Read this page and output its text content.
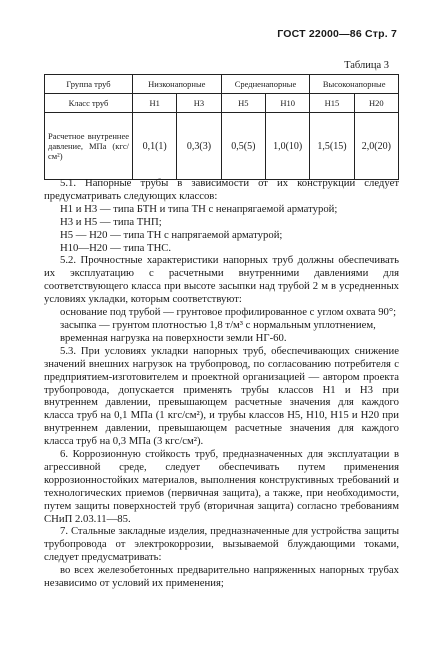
ГОСТ 22000—86 Стр. 7
Таблица 3
Группа труб	Низконапорные		Средненапорные		Высоконапорные	
Класс труб	Н1	Н3	Н5	Н10	Н15	Н20
Расчетное внутреннее давление, МПа (кгс/см²)	0,1(1)	0,3(3)	0,5(5)	1,0(10)	1,5(15)	2,0(20)

5.1. Напорные трубы в зависимости от их конструкции следует предусматривать следующих классов:

Н1 и Н3 — типа БТН и типа ТН с ненапрягаемой арматурой;

Н3 и Н5 — типа ТНП;

Н5 — Н20 — типа ТН с напрягаемой арматурой;

Н10—Н20 — типа ТНС.

5.2. Прочностные характеристики напорных труб должны обеспечивать их эксплуатацию с расчетными внутренними давлениями для соответствующего класса при высоте засыпки над трубой 2 м в усредненных условиях укладки, которым соответствуют:

основание под трубой — грунтовое профилированное с углом охвата 90°;

засыпка — грунтом плотностью 1,8 т/м³ с нормальным уплотнением,

временная нагрузка на поверхности земли НГ-60.

5.3. При условиях укладки напорных труб, обеспечивающих снижение значений внешних нагрузок на трубопровод, по согласованию потребителя с предприятием-изготовителем и проектной организацией — автором проекта трубопровода, допускается применять трубы классов Н1 и Н3 при внутреннем давлении, превышающем расчетные значения для каждого класса труб на 0,1 МПа (1 кгс/см²), и трубы классов Н5, Н10, Н15 и Н20 при внутреннем давлении, превышающем расчетные значения для каждого класса труб на 0,3 МПа (3 кгс/см²).

6. Коррозионную стойкость труб, предназначенных для эксплуатации в агрессивной среде, следует обеспечивать путем применения коррозионностойких материалов, выполнения конструктивных требований и технологических приемов (первичная защита), а также, при необходимости, путем защиты поверхностей труб (вторичная защита) согласно требованиям СНиП 2.03.11—85.

7. Стальные закладные изделия, предназначенные для устройства защиты трубопровода от электрокоррозии, вызываемой блуждающими токами, следует предусматривать:

во всех железобетонных предварительно напряженных напорных трубах независимо от условий их применения;
